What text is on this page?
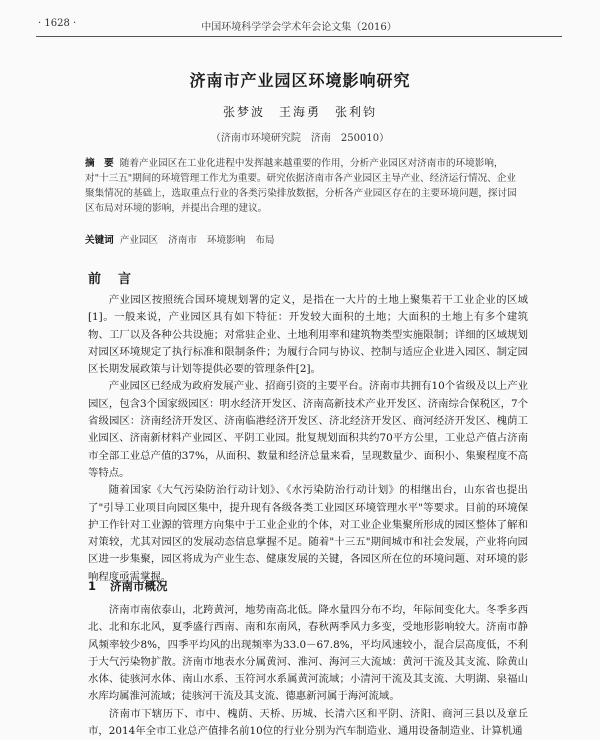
· 1628 ·	中国环境科学学会学术年会论文集（2016）
济南市产业园区环境影响研究
张梦波　王海勇　张利钧
（济南市环境研究院　济南　250010）
摘　要 随着产业园区在工业化进程中发挥越来越重要的作用，分析产业园区对济南市的环境影响，对"十三五"期间的环境管理工作尤为重要。研究依据济南市各产业园区主导产业、经济运行情况、企业聚集情况的基础上，选取重点行业的各类污染排放数据，分析各产业园区存在的主要环境问题，探讨园区布局对环境的影响，并提出合理的建议。
关键词 产业园区 济南市 环境影响 布局
前　言

产业园区按照统合国环境规划署的定义，是指在一大片的土地上聚集若干工业企业的区域[1]。一般来说，产业园区具有如下特征：开发较大面积的土地；大面积的土地上有多个建筑物、工厂以及各种公共设施；对常驻企业、土地利用率和建筑物类型实施限制；详细的区域规划对园区环境规定了执行标准和限制条件；为履行合同与协议、控制与适应企业进入园区、制定园区长期发展政策与计划等提供必要的管理条件[2]。

产业园区已经成为政府发展产业、招商引资的主要平台。济南市共拥有10个省级及以上产业园区，包含3个国家级园区：明水经济开发区、济南高新技术产业开发区、济南综合保税区，7个省级园区：济南经济开发区、济南临港经济开发区、济北经济开发区、商河经济开发区、槐荫工业园区、济南新材料产业园区、平阴工业园。批复规划面积共约70平方公里，工业总产值占济南市全部工业总产值的37%，从面积、数量和经济总量来看，呈现数量少、面积小、集聚程度不高等特点。

随着国家《大气污染防治行动计划》、《水污染防治行动计划》的相继出台，山东省也提出了"引导工业项目向园区集中，提升现有各级各类工业园区环境管理水平"等要求。目前的环境保护工作针对工业源的管理方向集中于工业企业的个体，对工业企业集聚所形成的园区整体了解和对策较，尤其对园区的发展动态信息掌握不足。随着"十三五"期间城市和社会发展，产业将向园区进一步集聚，园区将成为产业生态、健康发展的关键，各园区所在位的环境问题、对环境的影响程度亟需掌握。

1 济南市概况

济南市南依泰山，北跨黄河，地势南高北低。降水量四分布不均，年际间变化大。冬季多西北、北和东北风，夏季盛行西南、南和东南风，春秋两季风力多变，受地形影响较大。济南市静风频率较少8%，四季平均风的出现频率为33.0－67.8%，平均风速较小，混合层高度低，不利于大气污染物扩散。济南市地表水分属黄河、淮河、海河三大流域：黄河干流及其支流、除黄山水体、徒骇河水体、南山水系、玉符河水系属黄河流域；小清河干流及其支流、大明湖、泉福山水库均属淮河流域；徒骇河干流及其支流、德惠新河属于海河流域。

济南市下辖历下、市中、槐荫、天桥、历城、长清六区和平阴、济阳、商河三县以及章丘市，2014年全市工业总产值排名前10位的行业分别为汽车制造业、通用设备制造业、计算机通
